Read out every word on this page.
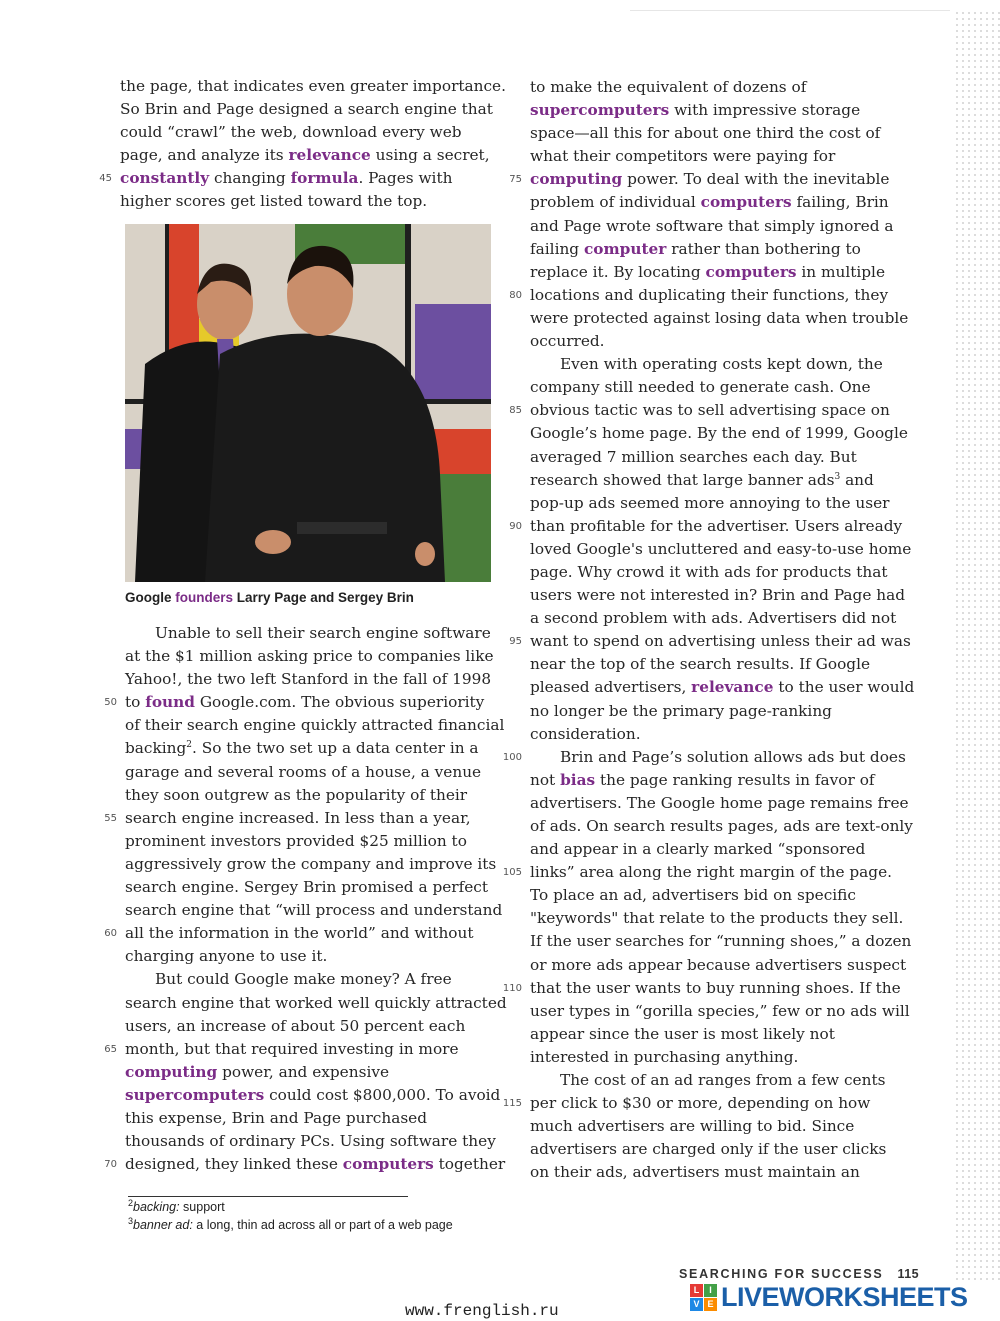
the page, that indicates even greater importance.
So Brin and Page designed a search engine that
could “crawl” the web, download every web
page, and analyze its relevance using a secret,
45 constantly changing formula. Pages with
higher scores get listed toward the top.
Google founders Larry Page and Sergey Brin
Unable to sell their search engine software
at the $1 million asking price to companies like
Yahoo!, the two left Stanford in the fall of 1998
50 to found Google.com. The obvious superiority
of their search engine quickly attracted financial
backing$^2$. So the two set up a data center in a
garage and several rooms of a house, a venue
they soon outgrew as the popularity of their
55 search engine increased. In less than a year,
prominent investors provided $25 million to
aggressively grow the company and improve its
search engine. Sergey Brin promised a perfect
search engine that “will process and understand
60 all the information in the world” and without
charging anyone to use it.
But could Google make money? A free
search engine that worked well quickly attracted
users, an increase of about 50 percent each
65 month, but that required investing in more
computing power, and expensive
supercomputers could cost $800,000. To avoid
this expense, Brin and Page purchased
thousands of ordinary PCs. Using software they
70 designed, they linked these computers together
to make the equivalent of dozens of
supercomputers with impressive storage
space—all this for about one third the cost of
what their competitors were paying for
75 computing power. To deal with the inevitable
problem of individual computers failing, Brin
and Page wrote software that simply ignored a
failing computer rather than bothering to
replace it. By locating computers in multiple
80 locations and duplicating their functions, they
were protected against losing data when trouble
occurred.
Even with operating costs kept down, the
company still needed to generate cash. One
85 obvious tactic was to sell advertising space on
Google’s home page. By the end of 1999, Google
averaged 7 million searches each day. But
research showed that large banner ads$^3$ and
pop-up ads seemed more annoying to the user
90 than profitable for the advertiser. Users already
loved Google's uncluttered and easy-to-use home
page. Why crowd it with ads for products that
users were not interested in? Brin and Page had
a second problem with ads. Advertisers did not
95 want to spend on advertising unless their ad was
near the top of the search results. If Google
pleased advertisers, relevance to the user would
no longer be the primary page-ranking
consideration.
100 Brin and Page’s solution allows ads but does
not bias the page ranking results in favor of
advertisers. The Google home page remains free
of ads. On search results pages, ads are text-only
and appear in a clearly marked “sponsored
105 links” area along the right margin of the page.
To place an ad, advertisers bid on specific
"keywords" that relate to the products they sell.
If the user searches for “running shoes,” a dozen
or more ads appear because advertisers suspect
110 that the user wants to buy running shoes. If the
user types in “gorilla species,” few or no ads will
appear since the user is most likely not
interested in purchasing anything.
The cost of an ad ranges from a few cents
115 per click to $30 or more, depending on how
much advertisers are willing to bid. Since
advertisers are charged only if the user clicks
on their ads, advertisers must maintain an
$^2$backing: support
$^3$banner ad: a long, thin ad across all or part of a web page
SEARCHING FOR SUCCESS 115
L	I
V E LIVEWORKSHEETS
www.frenglish.ru
